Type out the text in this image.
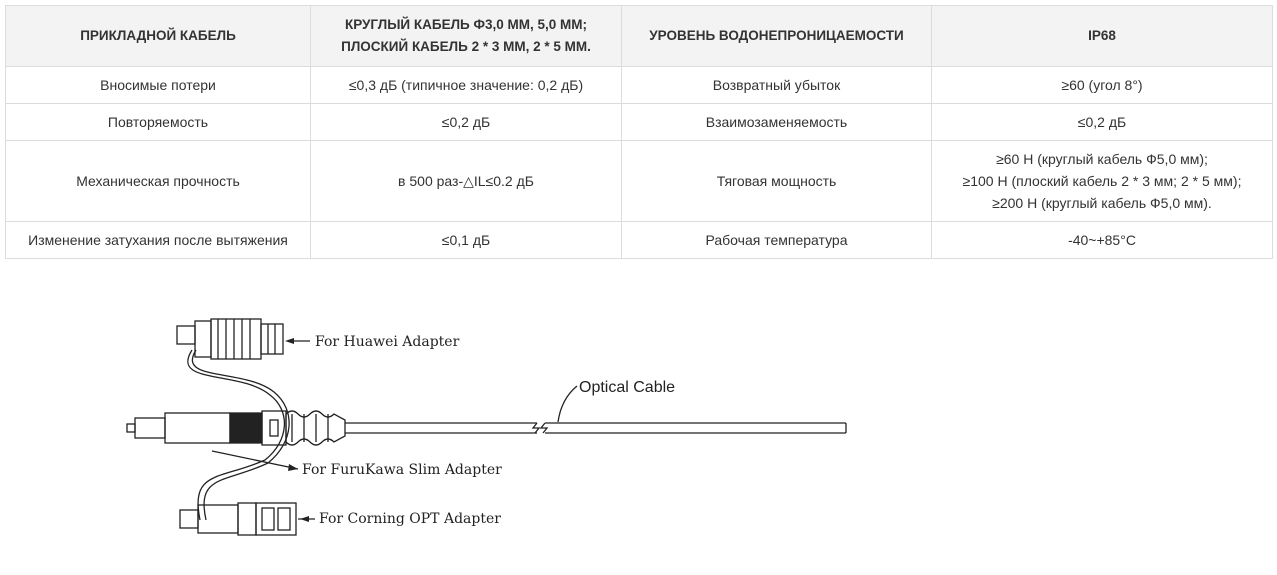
ПРИКЛАДНОЙ КАБЕЛЬ	КРУГЛЫЙ КАБЕЛЬ Ф3,0 ММ, 5,0 ММ;
ПЛОСКИЙ КАБЕЛЬ 2 * 3 ММ, 2 * 5 ММ.	УРОВЕНЬ ВОДОНЕПРОНИЦАЕМОСТИ	IP68
Вносимые потери	≤0,3 дБ (типичное значение: 0,2 дБ)	Возвратный убыток	≥60 (угол 8°)
Повторяемость	≤0,2 дБ	Взаимозаменяемость	≤0,2 дБ
Механическая прочность	в 500 раз-△IL≤0.2 дБ	Тяговая мощность	≥60 Н (круглый кабель Ф5,0 мм);
≥100 Н (плоский кабель 2 * 3 мм; 2 * 5 мм);
≥200 Н (круглый кабель Ф5,0 мм).

Изменение затухания после вытяжения	≤0,1 дБ	Рабочая температура	-40~+85°C
For Huawei Adapter
Optical Cable
For FuruKawa Slim Adapter
For Corning OPT Adapter
